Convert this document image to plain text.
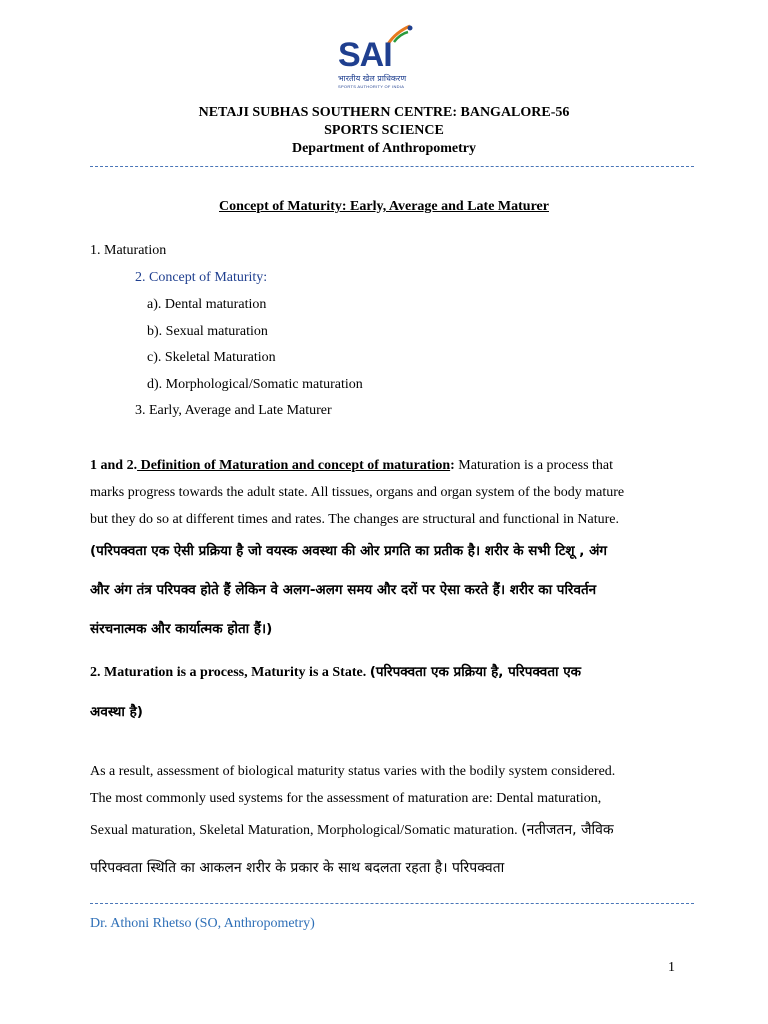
SAI
भारतीय खेल प्राधिकरण
SPORTS AUTHORITY OF INDIA
NETAJI SUBHAS SOUTHERN CENTRE: BANGALORE-56
SPORTS SCIENCE
Department of Anthropometry
Concept of Maturity: Early, Average and Late Maturer
1. Maturation
2. Concept of Maturity:
a). Dental maturation
b). Sexual maturation
c). Skeletal Maturation
d). Morphological/Somatic maturation
3. Early, Average and Late Maturer
1 and 2. Definition of Maturation and concept of maturation: Maturation is a process that
marks progress towards the adult state. All tissues, organs and organ system of the body mature
but they do so at different times and rates. The changes are structural and functional in Nature.
(परिपक्वता एक ऐसी प्रक्रिया है जो वयस्क अवस्था की ओर प्रगति का प्रतीक है। शरीर के सभी टिशू , अंग
और अंग तंत्र परिपक्व होते हैं लेकिन वे अलग-अलग समय और दरों पर ऐसा करते हैं। शरीर का परिवर्तन
संरचनात्मक और कार्यात्मक होता हैं।)
2. Maturation is a process, Maturity is a State. (परिपक्वता एक प्रक्रिया है, परिपक्वता एक
अवस्था है)
As a result, assessment of biological maturity status varies with the bodily system considered.
The most commonly used systems for the assessment of maturation are: Dental maturation,
Sexual maturation, Skeletal Maturation, Morphological/Somatic maturation. (नतीजतन, जैविक
परिपक्वता स्थिति का आकलन शरीर के प्रकार के साथ बदलता रहता है। परिपक्वता
Dr. Athoni Rhetso (SO, Anthropometry)
1
